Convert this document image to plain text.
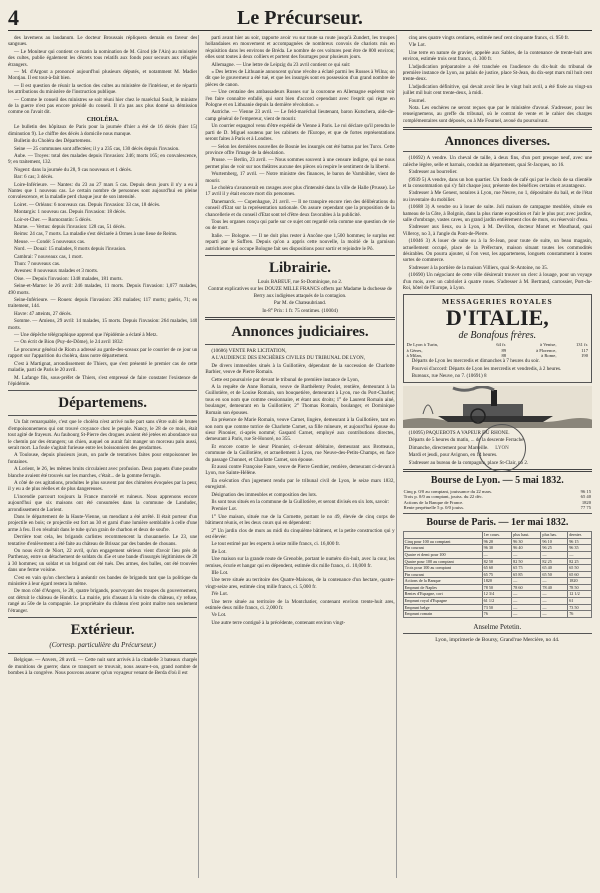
4	Le Précurseur.

des lavemens au laudanum. Le docteur Broussais répliquera demain en faveur des sangsues.

— Le Moniteur qui contient ce matin la nomination de M. Girod (de l'Ain) au ministère des cultes, publie également les décrets tous relatifs aux fonds pour secours aux réfugiés étrangers.

— M. d'Argout a prononcé aujourd'hui plusieurs députés, et notamment M. Madier Montjau. Il est tout-à-fait bien.

— Il est question de réunir la section des cultes au ministère de l'intérieur, et de répartir les attributions du ministère de l'instruction publique.

— Comme le conseil des ministres se soit réuni hier chez le maréchal Soult, le ministre de la guerre n'est pas encore présidé du conseil. Il n'a pas aux plus donné sa démission comme on l'avait dit.

CHOLÉRA.

Le bulletin des hôpitaux de Paris pour la journée d'hier a été de 16 décès (hier 15) diminution 9). Le chiffre des décès à domicile nous manque.

Bulletin du Choléra des Départemens.

Seine — 25 communes sont affectées; il y a 235 cas, 130 décès depuis l'invasion.

Aube. — Troyes: total des malades depuis l'invasion: 246; morts 165; en convalescence, 9; en traitement, 132.

Nogent: dans la journée du 28, 9 cas nouveaux et 1 décès.

Bar: 6 cas; 3 décès.

Loire-Inférieure. — Nantes: du 23 au 27 mars 5 cas. Depuis deux jours il n'y a eu à Nantes que 1 nouveau cas. Le certain nombre de personnes sont aujourd'hui en pleine convalescence, et la maladie perd chaque jour de son intensité.

Loiret. — Orléans: 6 nouveaux cas. Depuis l'invasion: 33 cas, 18 décès.

Montargis: 1 nouveau cas. Depuis l'invasion: 18 décès.

Loir-et-Cher. — Romorantin: 5 décès.

Marne. — Vertus: depuis l'invasion: 128 cas, 51 décès.

Reims: 24 cas, 7 morts. La maladie s'est déclarée à Ormes à une lieue de Reims.

Meuse. — Condé: 5 nouveaux cas.

Nord. — Douai: 15 malades, 8 morts depuis l'invasion.

Cambrai: 7 nouveaux cas, 1 mort.

Thun: 7 nouveaux cas.

Avesnes: 8 nouveaux malades et 3 morts.

Oise. — Depuis l'invasion: 1348 malades, 181 morts.

Seine-et-Marne: le 26 avril: 246 malades, 11 morts. Depuis l'invasion: 1,077 malades, 490 morts.

Seine-Inférieure. — Rouen: depuis l'invasion: 283 malades; 117 morts; guéris, 71; en traitement, 144.

Havre: 47 atteints, 27 décès.

Somme. — Amiens, 29 avril: 14 malades, 15 morts. Depuis l'invasion: 264 malades, 140 morts.

— Une dépêche télégraphique apprend que l'épidémie a éclaté à Metz.

— On écrit de Bion (Puy-de-Dôme), le 24 avril 1832:

Le procureur général de Riom a adressé au garde-des-sceaux par le courrier de ce jour un rapport sur l'apparition du choléra, dans notre département.

C'est à Martignat, arrondissement de Thiers, que s'est présenté le premier cas de cette maladie, parti de Paris le 20 avril.

M. Lafange fils, sous-préfet de Thiers, s'est empressé de faire constater l'existence de l'épidémie.

Départemens.

Un fait remarquable, c'est que le choléra n'est arrivé nulle part sans s'être subi de brutes d'empoisonnemens qui ont trouvé croyance chez le peuple. Nancy, le 28 de ce mois, était tout agité de frayeurs. Au faubourg St-Pierre des drogues avaient été jetées en abondance sur le chemin par des étrangers; un chien, auquel on aurait fait manger un morceau pain aussi, serait mort. La foule s'agitait furieuse entre les boissonniers des gendarmes.

A Toulouse, depuis plusieurs jours, on parle de tentatives faites pour empoisonner les fontaines.

A Lorient, le 26, les mêmes bruits circulaient avec profusion. Deux paquets d'une poudre blanche avaient été trouvés sur les marches, c'était... de la gomme ferrugin.

A côté de ces agitations, produites le plus souvent par des chimères évoquées par la peur, il y eu a de plus réelles et de plus dangereuses.

L'incendie parcourt toujours la France morcelé et ruineux. Nous apprenons encore aujourd'hui que six maisons ont été consumées dans la commune de Landudec, arrondissement de Lorient.

Dans le département de la Haute-Vienne, un mendiant a été arrêté. Il était porteur d'un projectile en bois; ce projectile est fort au 30 et garni d'une lumière semblable à celle d'une arme à feu. Il en résultait dans le tube qu'un grain de charbon et deux de soufre.

Derrière tout cela, les brigands carlistes recommencent la chouannerie. Le 23, une tentative d'enlèvement a été faite au château de Brissac par des bandes de chouans.

On nous écrit de Niort, 22 avril, qu'un engagement sérieux vient d'avoir lieu près de Parthenay, entre un détachement de soldats du 45e et une bande d'insurgés légitimistes de 20 à 30 hommes; un soldat et un brigand ont été tués. Des armes, des balles, ont été trouvées dans une ferme voisine.

C'est en vain qu'on cherchera à anéantir ces bandes de brigands tant que la politique du ministère à leur égard restera la même.

De mon côté d'Angers, le 28, quatre brigands, pourvoyant des troupes du gouvernement, ont détruit le château de Hondrix. La mairie, pris d'assaut à la visite du château, s'y refuse, rangé au 50e de la compagnie. Le propriétaire du château n'est point maître non seulement l'étranger.

Extérieur.
(Corresp. particulière du Précurseur.)

Belgique. — Anvers, 28 avril. — Cette nuit sont arrivés à la citadelle 3 bateaux chargés de munitions de guerre; dans ce transport se trouvait, nous assure-t-on, grand nombre de bombes à la congrève. Nous pouvons assurer qu'un voyageur venant de Berda d'où il est

parti avant hier au soir, rapporte avoir vu sur toute sa route jusqu'à Zundert, les troupes hollandaises en mouvement et accompagnées de nombreux convois de chariots mis en réquisition dans les environs de Bréda. Le nombre de ces voitures peut être de 800 environ; elles sont toutes à deux colliers et portent des fourrages pour plusieurs jours.

Allemagne. — Une lettre de Leipzig du 23 avril contient ce qui suit:

« Des lettres de Lithuanie annoncent qu'une révolte a éclaté parmi les Russes à Wilna; on dit que le gouverneur a été tué, et que les insurgés sont en possession d'un grand nombre de pièces de canon.

— Une centaine des ambassadeurs Russes sur la couronne en Allemagne espèrent voir l'en faire connaître enfallé, qui sont bien d'accord cependant avec l'esprit qui règne en Pologne et en Lithuanie depuis la dernière révolution. »

Autriche. — Vienne 23 avril. — Le feld-maréchal lieutenant, baron Kutschera, aide-de-camp général de l'empereur, vient de mourir.

Un courrier espagnol venu d'être expédié de Vienne à Paris. Le roi déclare qu'il prendra le parti de D. Miguel soutenu par les cabinets de l'Europe, et que de fortes représentations seront faites à Paris et à Londres.

— Selon les dernières nouvelles de Bosnie les insurgés ont été battus par les Turcs. Cette province offre l'image de la désolation.

Prusse. — Berlin, 23 avril. — Nous sommes souvent à une censure indigne, qui ne nous permet plus de voir sur nos théâtres aucune des pièces où respire le sentiment de la liberté.

Wurtemberg, 17 avril. — Notre ministre des finances, le baron de Varnbühler, vient de mourir.

Le choléra s'avancerait en ravages avec plus d'intensité dans la ville de Halle (Prusse). Le 17 avril il y était encore mort dix personnes.

Danemarck. — Copenhague, 21 avril. — Il ne transpire encore rien des délibérations du conseil d'Etat sur la représentation nationale. On assure cependant que la proposition de la chancellerie et du conseil d'Etat sont tel d'être deux favorables à la publicité.

Tous les organes conçu qui parle sur ce sujet ont regardé cela comme une question de vie ou de mort.

Italie. — Bologne. — Il ne doit plus rester à Ancône que 1,500 hommes; le surplus est reparti par le Suffren. Depuis qu'on a appris cette nouvelle, la moitié de la garnison autrichienne qui occupe Bologne fait ses dispositions pour sortir et rejoindre le Pô.

Librairie.

Louis BABEUF, rue St-Dominique, no 2.

Contrat explicatives sur les DOUZE MILLE FRANCS offerts par Madame la duchesse de Berry aux indigènes attaqués de la contagion.

Par M. de Chateaubriand.

In-8° Prix: 1 fr. 75 centimes. (10004)

Annonces judiciaires.

(10686) VENTE PAR LICITATION,

A L'AUDIENCE DES ENCHÈRES CIVILES DU TRIBUNAL DE LYON,

De divers immeubles situés à la Guillotière, dépendant de la succession de Charlotte Barbier, veuve de Pierre Romain.

Cette est poursuivie par devant le tribunal de première instance de Lyon,

A la requête de Anne Romain, veuve de Barthélemy Poulet, rentière, demeurant à la Guillotière, et de Louise Romain, son bouquetière, demeurant à Lyon, rue du Port-Charlet; tous en son nom que comme cessionnaire, et étant aux droits; 1° de Laurent Romain ainé, boulanger, demeurant en la Guillotière; 2° Thomas Romain, boulanger, et Dominique Romain son épouses.

En présence de Marie Romain, veuve Carnet, lingère, demeurant à la Guillotière, tant en son nom que comme tutrice de Charlotte Carnet, sa fille mineure, et aujourd'hui épouse du sieur Pinonier, ci-après nommé; Gaspard Carnet, employé aux contributions directes, demeurant à Paris, rue St-Honoré, no 355.

Et encore contre le sieur Pinonier, ci-devant débitaire, demeurant aux Brotteaux, commune de la Guillotière, et actuellement à Lyon, rue Neuve-des-Petits-Champs, en face du passage Chonnet, et Charlotte Carnet, son épouse.

Et aussi contre Françoise Faure, veuve de Pierre Genthier, rentière, demeurant ci-devant à Lyon, rue Sainte-Hélène.

En exécution d'un jugement rendu par le tribunal civil de Lyon, le seize mars 1832, enregistré.

Désignation des immeubles et composition des lots.

Ils sont tous situés en la commune de la Guillotière, et seront divisés en six lots, savoir:

Premier Lot.

1° Une maison, située rue de la Cornette, portant le no 49, élevée de cinq corps de bâtiment réunis, et les deux cours qui en dépendent:

2° Un jardin clos de murs au midi du cinquième bâtiment, et la petite construction qui y est élevée:

Le tout estimé par les experts à seize mille francs, ci. 16,000 fr.

IIe Lot.

Une maison sur la grande route de Grenoble, portant le numéro dix-huit, avec la cour, les remises, écurie et hangar qui en dépendent, estimée dix mille francs, ci. 10,000 fr.

IIIe Lot.

Une terre située au territoire des Quatre-Maisons, de la contenance d'un hectare, quatre-vingt-seize ares, estimée cinq mille francs, ci. 5,000 fr.

IVe Lot.

Une terre située au territoire de la Montchatier, contenant environ trente-huit ares, estimée deux mille francs, ci. 2,000 fr.

Ve Lot.

Une autre terre contiguë à la précédente, contenant environ vingt-

cinq ares quatre vingts centiares, estimée neuf cent cinquante francs, ci. 950 fr.

VIe Lot.

Une terre en nature de gravier, appelée aux Sables, de la contenance de trente-huit ares environ, estimée trois cent francs, ci. 300 fr.

L'adjudication préparatoire a été tranchée en l'audience du dix-huit du tribunal de première instance de Lyon, au palais de justice, place St-Jean, du dix-sept mars mil huit cent trente-deux.

L'adjudication définitive, qui devait avoir lieu le vingt huit avril, a été fixée au vingt-un juillet mil huit cent trente-deux, à midi.

Fournel.

Nota. Les enchères ne seront reçues que par le ministère d'avoué. S'adresser, pour les renseignemens, au greffe du tribunal, où le contrat de vente et le cahier des charges complémentaires sont déposés, ou à Me Fournel, avoué du poursuivant.

Annonces diverses.

(10692) A vendre. Un cheval de taille, à deux fins, d'un port presque neuf, avec une calèche légère, selle et harnais, conduit au département, quai St-Jacques, no 16.

S'adresser au bourrelier.

(9939 5) A vendre, dans un bon quartier. Un fonds de café qui par le choix de sa clientèle et la consommation qui s'y fait chaque jour, présente des bénéfices certains et avantageux.

S'adresser à Me Genest, notaires à Lyon, rue Neuve, no 1, dépositaire du bail, et de l'état ou inventaire du mobilier.

(10688 3) A vendre ou à louer de suite. Joli maison de campagne meublée, située en hameau de la Côte, à Bolgnin, dans la plus riante exposition et l'air le plus pur; avec jardins, salle d'ombrage, vastes caves, un grand jardin entièrement clos de murs, ou réservoir d'eau.

S'adresser aux lieux, ou à Lyon, à M. Devillon, docteur Monet et Mouthaud, quai Villeroy, no 3, à l'angle du Pont-de-Pierre.

(10046 3) A louer de suite ou à la St-Jean, pour toute de suite, un beau magasin, actuellement occupé, place de la Préfecture, maison situant toutes les commodités désirables. On pourra ajouter, si l'on veut, les appartemens, longuets constamment à toutes sortes de commerce.

S'adresser à la portière de la maison Villiers, quai St-Antoine, no 35.

(10690) Un négociant de cette ville désirerait trouver un clerc à louage, pour un voyage d'un mois, avec un cabriolet à quatre roues. S'adresser à M. Bertrand, carrossier, Port-du-Roi, hôtel de l'Europe, à Lyon.

MESSAGERIES ROYALES
D'ITALIE,
de Bonafous frères.
De Lyon à Turin,	64 fr.	à Venise,	131 fr.
à Gènes,	89	à Florence,	117
à Milan,	88	à Rome,	190

Départs de Lyon les mercredis et dimanches à 7 heures du soir.

Pourvoi d'accord: Départs de Lyon les mercredis et vendredis, à 2 heures.

Bureaux, rue Neuve, no 7. (10691) 8

(10095) PAQUEBOTS A VAPEUR DU RHONE.

Départs de 5 heures du matin, ... de la descente Ferrache.

Dimanche, directement pour Marseille.

Mardi et jeudi, pour Avignon, en 14 heures.

S'adresser au bureau de la compagnie, place St-Clair, no 2.

Bourse de Lyon. — 5 mai 1832.
Cinq p. 0/0 au comptant, jouissance du 22 mars.	96 15
Trois p. 0/0 au comptant, jouiss. du 22 déc.	65 40
Actions de la Banque de France.	1820
Rente perpétuelle 5 p. 0/0 jouiss.	77 75
Bourse de Paris. — 1er mai 1832.
	1er cours.	plus haut.	plus bas.	dernier.
Cinq pour 100 au comptant	96 20	96 30	96 10	96 15
Fin courant	96 30	96 40	96 25	96 35
Quatre et demi pour 100	—	—	—	—
Quatre pour 100 au comptant	82 50	82 50	82 25	82 25
Trois pour 100 au comptant	65 60	65 75	65 40	65 50
Fin courant	65 75	65 85	65 50	65 60
Actions de la Banque	1820	—	—	1820
Emprunt de Naples	78 50	78 60	78 40	78 50
Rentes d'Espagne, cort	12 3/4	—	—	12 1/2
Emprunt royal d'Espagne	61 1/2	—	—	61
Emprunt belge	73 50	—	—	73 50
Emprunt romain	76	—	—	76
Anselme Petetin.
Lyon, imprimerie de Boursy, Grand'rue Mercière, no 44.
LYON
